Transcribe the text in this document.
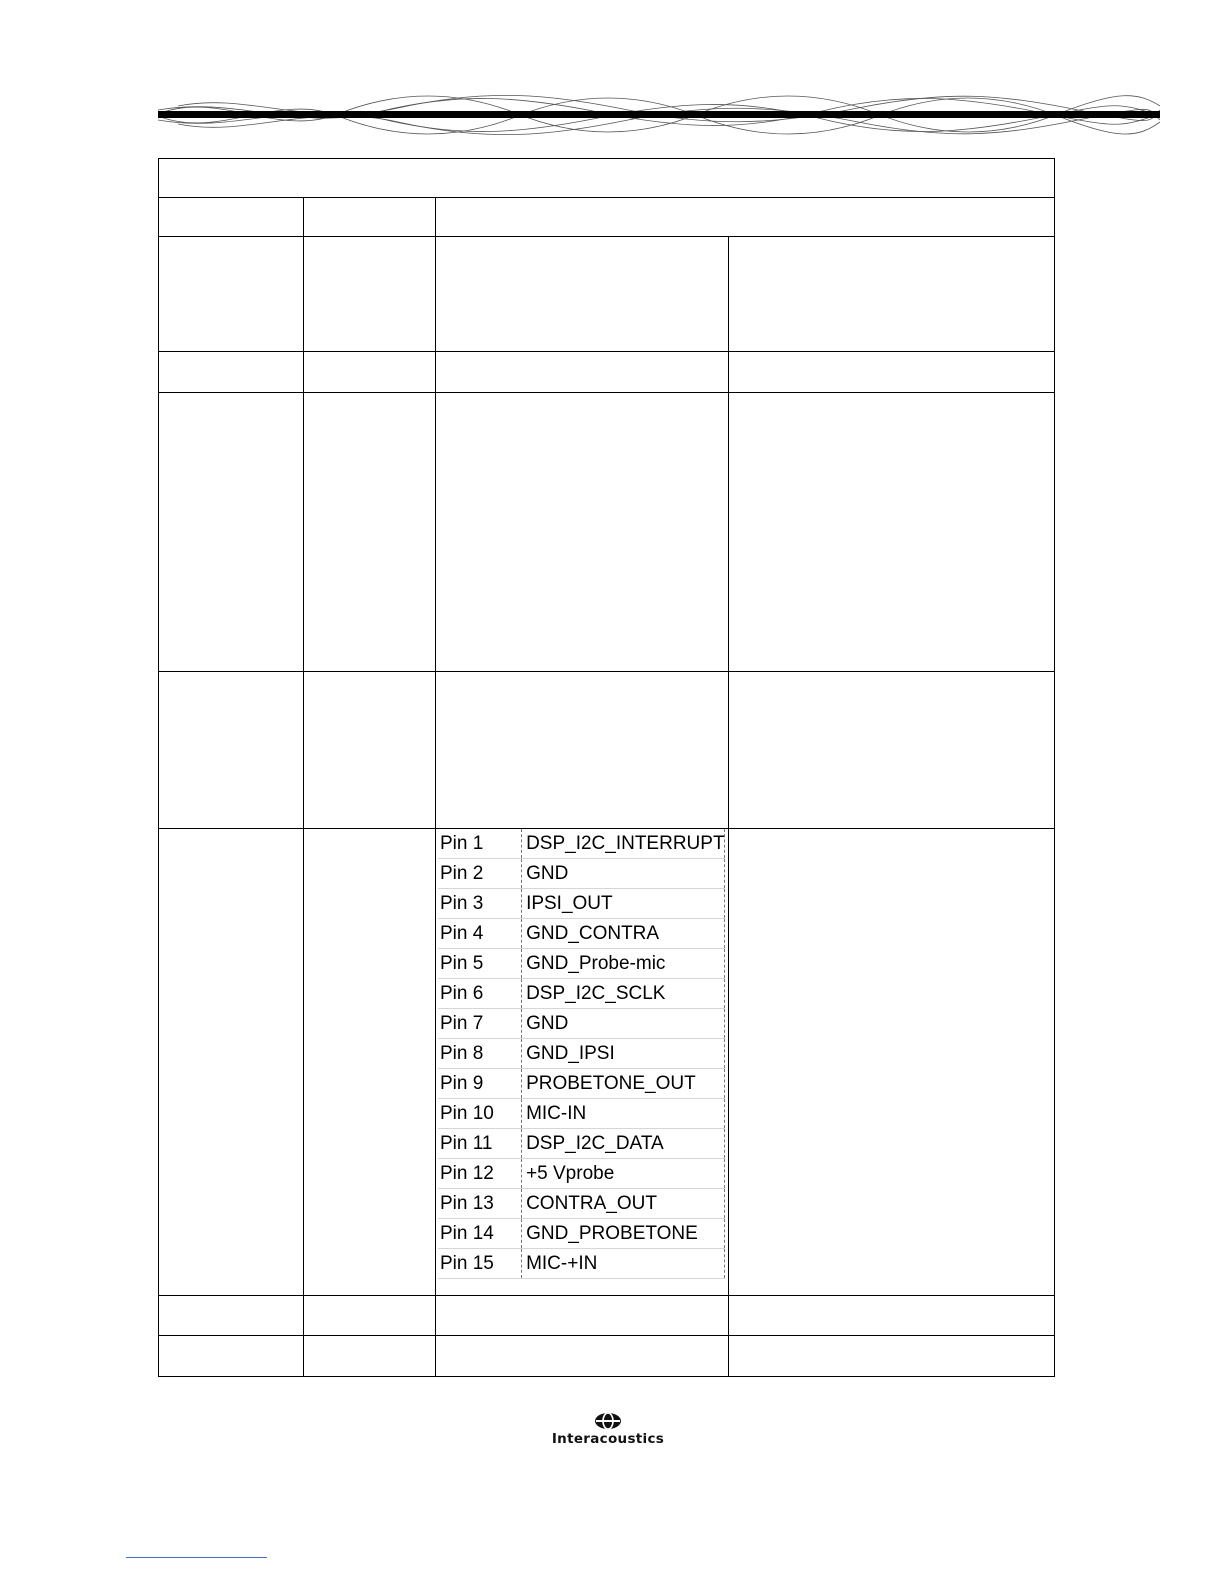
Pin 1	DSP_I2C_INTERRUPT	
Pin 2	GND	
Pin 3	IPSI_OUT	
Pin 4	GND_CONTRA	
Pin 5	GND_Probe-mic	
Pin 6	DSP_I2C_SCLK	
Pin 7	GND	
Pin 8	GND_IPSI	
Pin 9	PROBETONE_OUT	
Pin 10	MIC-IN	
Pin 11	DSP_I2C_DATA	
Pin 12	+5 Vprobe	
Pin 13	CONTRA_OUT	
Pin 14	GND_PROBETONE	
Pin 15	MIC-+IN	

Interacoustics
